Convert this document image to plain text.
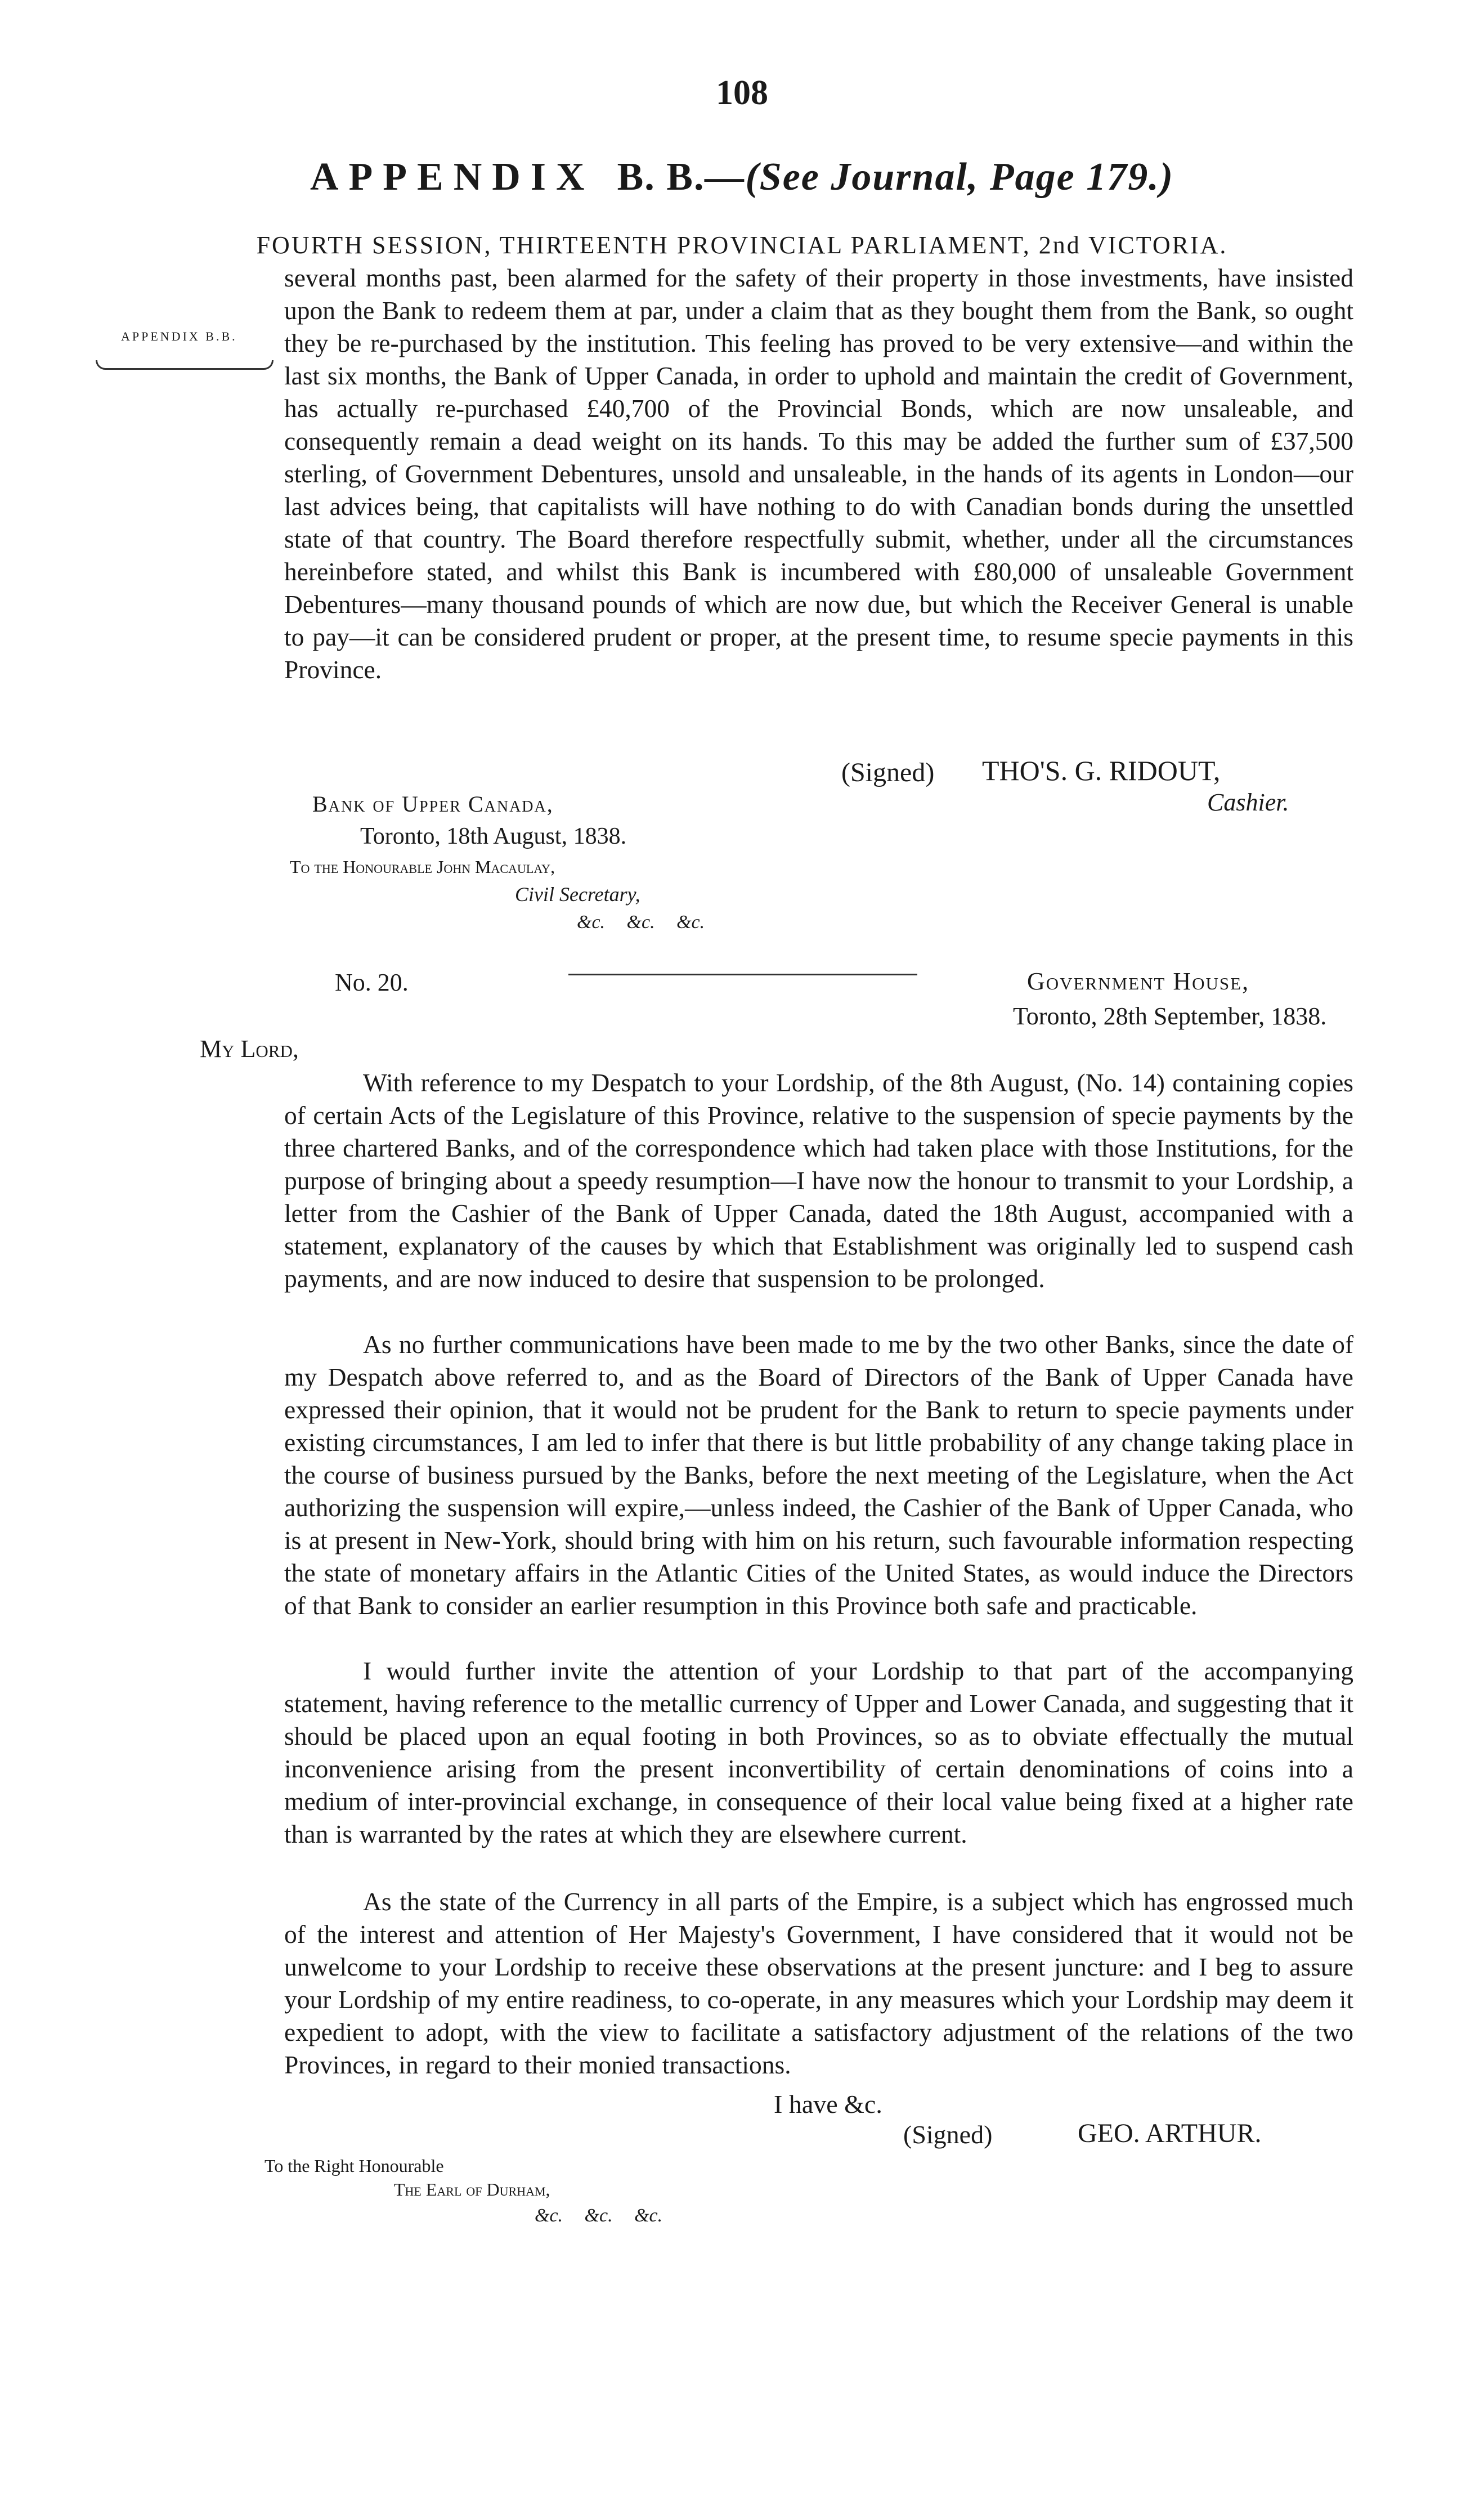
108
APPENDIX B. B.—(See Journal, Page 179.)
FOURTH SESSION, THIRTEENTH PROVINCIAL PARLIAMENT, 2nd VICTORIA.
APPENDIX B.B.
several months past, been alarmed for the safety of their property in those investments, have insisted upon the Bank to redeem them at par, under a claim that as they bought them from the Bank, so ought they be re-purchased by the institution. This feeling has proved to be very extensive—and within the last six months, the Bank of Upper Canada, in order to uphold and maintain the credit of Government, has actually re-purchased £40,700 of the Provincial Bonds, which are now unsaleable, and consequently remain a dead weight on its hands. To this may be added the further sum of £37,500 sterling, of Government Debentures, unsold and unsaleable, in the hands of its agents in London—our last advices being, that capitalists will have nothing to do with Canadian bonds during the unsettled state of that country. The Board therefore respectfully submit, whether, under all the circumstances hereinbefore stated, and whilst this Bank is incumbered with £80,000 of unsaleable Government Debentures—many thousand pounds of which are now due, but which the Receiver General is unable to pay—it can be considered prudent or proper, at the present time, to resume specie payments in this Province.
(Signed) THO'S. G. RIDOUT,
Cashier.
Bank of Upper Canada,
Toronto, 18th August, 1838.
To the Honourable John Macaulay,
Civil Secretary,
&c. &c. &c.
No. 20.	Government House,
Toronto, 28th September, 1838.
My Lord,
With reference to my Despatch to your Lordship, of the 8th August, (No. 14) containing copies of certain Acts of the Legislature of this Province, relative to the suspension of specie payments by the three chartered Banks, and of the correspondence which had taken place with those Institutions, for the purpose of bringing about a speedy resumption—I have now the honour to transmit to your Lordship, a letter from the Cashier of the Bank of Upper Canada, dated the 18th August, accompanied with a statement, explanatory of the causes by which that Establishment was originally led to suspend cash payments, and are now induced to desire that suspension to be prolonged.
As no further communications have been made to me by the two other Banks, since the date of my Despatch above referred to, and as the Board of Directors of the Bank of Upper Canada have expressed their opinion, that it would not be prudent for the Bank to return to specie payments under existing circumstances, I am led to infer that there is but little probability of any change taking place in the course of business pursued by the Banks, before the next meeting of the Legislature, when the Act authorizing the suspension will expire,—unless indeed, the Cashier of the Bank of Upper Canada, who is at present in New-York, should bring with him on his return, such favourable information respecting the state of monetary affairs in the Atlantic Cities of the United States, as would induce the Directors of that Bank to consider an earlier resumption in this Province both safe and practicable.
I would further invite the attention of your Lordship to that part of the accompanying statement, having reference to the metallic currency of Upper and Lower Canada, and suggesting that it should be placed upon an equal footing in both Provinces, so as to obviate effectually the mutual inconvenience arising from the present inconvertibility of certain denominations of coins into a medium of inter-provincial exchange, in consequence of their local value being fixed at a higher rate than is warranted by the rates at which they are elsewhere current.
As the state of the Currency in all parts of the Empire, is a subject which has engrossed much of the interest and attention of Her Majesty's Government, I have considered that it would not be unwelcome to your Lordship to receive these observations at the present juncture: and I beg to assure your Lordship of my entire readiness, to co-operate, in any measures which your Lordship may deem it expedient to adopt, with the view to facilitate a satisfactory adjustment of the relations of the two Provinces, in regard to their monied transactions.
I have &c.
(Signed)	GEO. ARTHUR.
To the Right Honourable
The Earl of Durham,
&c. &c. &c.
